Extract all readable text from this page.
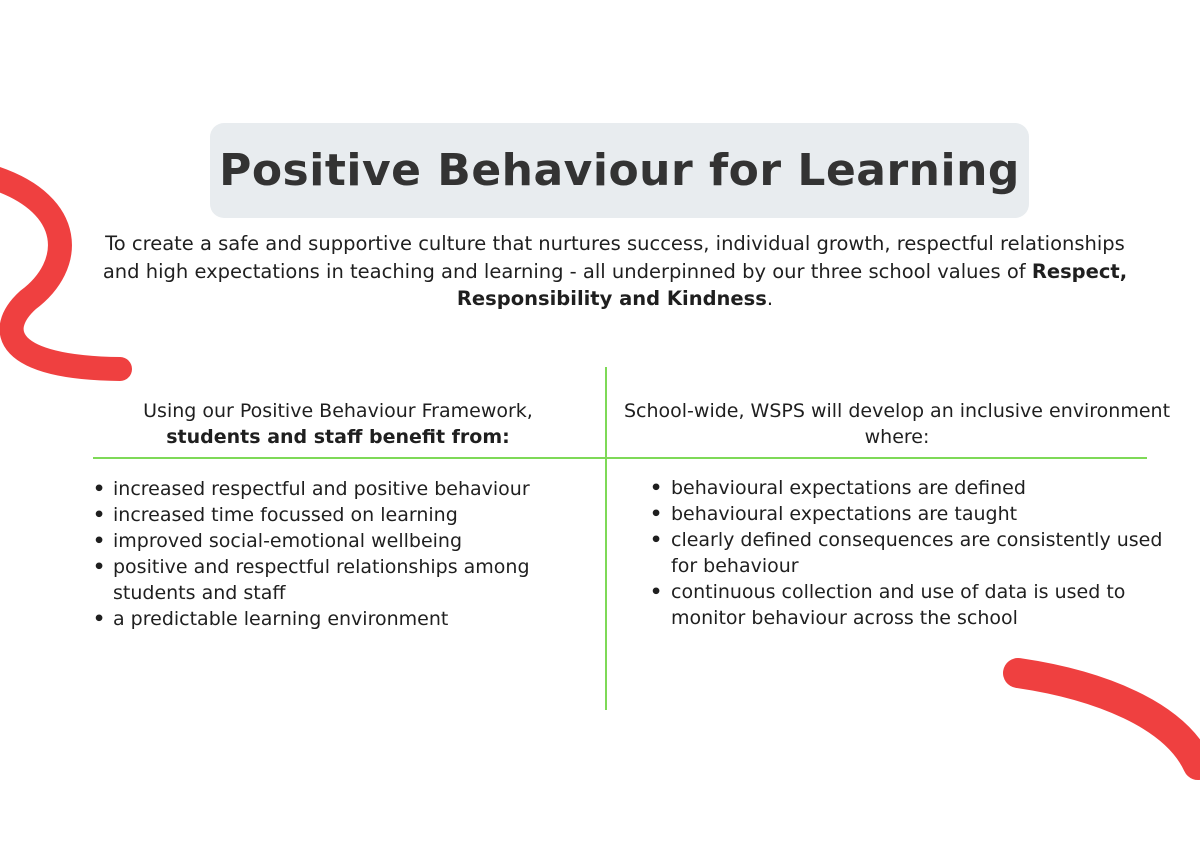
Positive Behaviour for Learning

To create a safe and supportive culture that nurtures success, individual growth, respectful relationships and high expectations in teaching and learning - all underpinned by our three school values of Respect, Responsibility and Kindness.

Using our Positive Behaviour Framework,
students and staff benefit from:

School-wide, WSPS will develop an inclusive environment where:

• increased respectful and positive behaviour
• increased time focussed on learning
• improved social-emotional wellbeing
• positive and respectful relationships among students and staff
• a predictable learning environment
• behavioural expectations are defined
• behavioural expectations are taught
• clearly defined consequences are consistently used for behaviour
• continuous collection and use of data is used to monitor behaviour across the school
